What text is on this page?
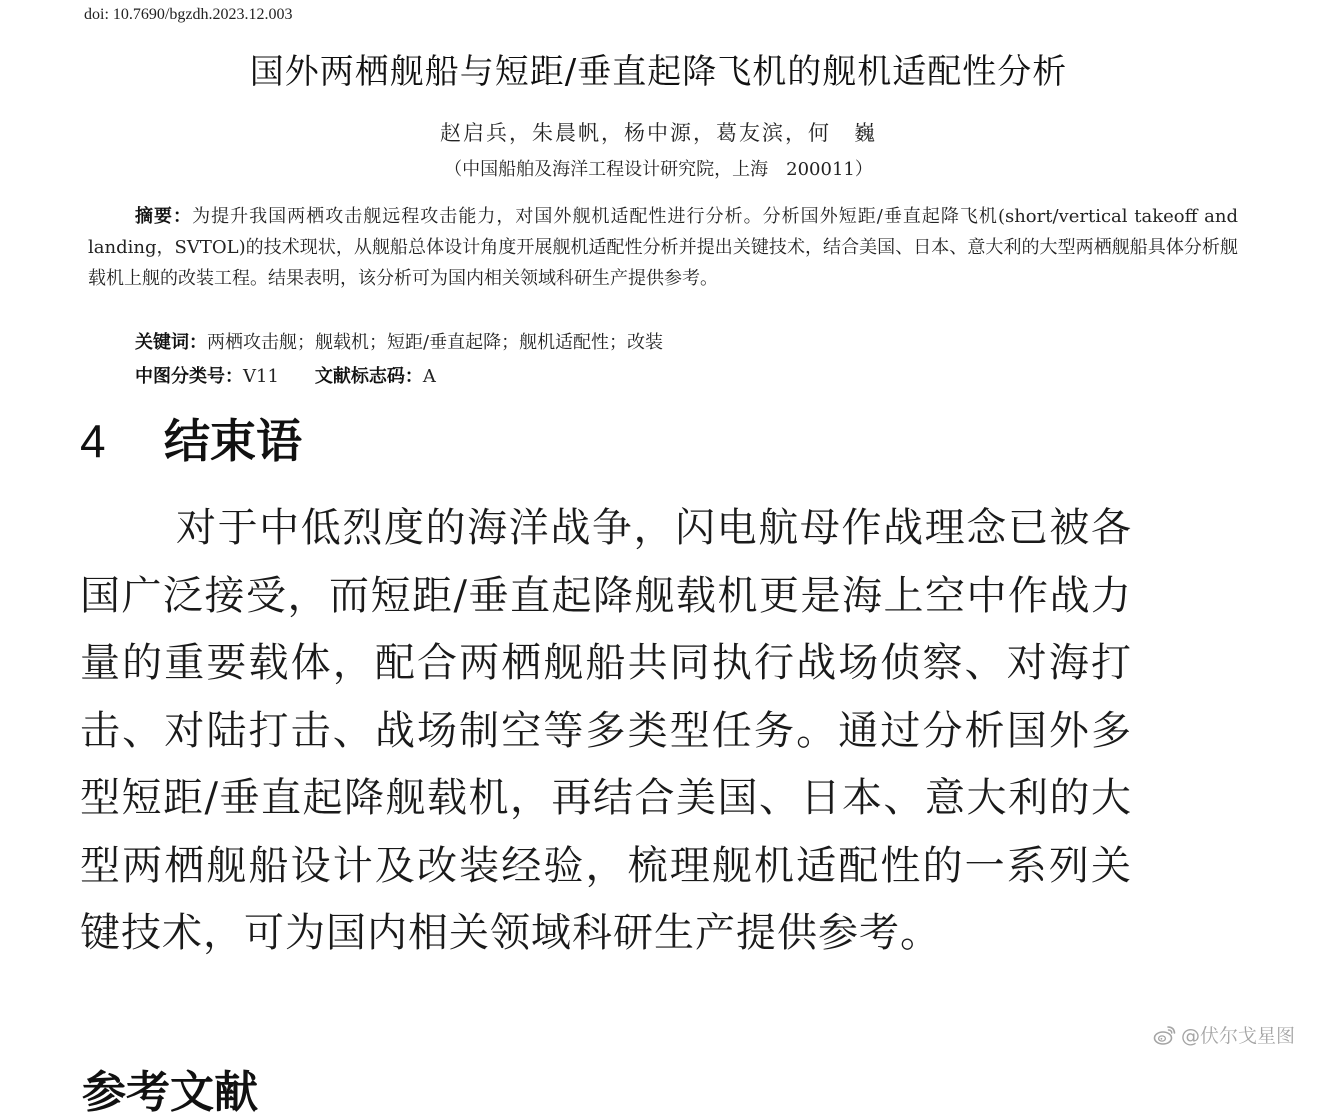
doi: 10.7690/bgzdh.2023.12.003
国外两栖舰船与短距/垂直起降飞机的舰机适配性分析
赵启兵，朱晨帆，杨中源，葛友滨，何　巍
（中国船舶及海洋工程设计研究院，上海　200011）
摘要：为提升我国两栖攻击舰远程攻击能力，对国外舰机适配性进行分析。分析国外短距/垂直起降飞机(short/vertical takeoff and landing，SVTOL)的技术现状，从舰船总体设计角度开展舰机适配性分析并提出关键技术，结合美国、日本、意大利的大型两栖舰船具体分析舰载机上舰的改装工程。结果表明，该分析可为国内相关领域科研生产提供参考。
关键词：两栖攻击舰；舰载机；短距/垂直起降；舰机适配性；改装
中图分类号：V11 文献标志码：A
4 结束语
对于中低烈度的海洋战争，闪电航母作战理念已被各国广泛接受，而短距/垂直起降舰载机更是海上空中作战力量的重要载体，配合两栖舰船共同执行战场侦察、对海打击、对陆打击、战场制空等多类型任务。通过分析国外多型短距/垂直起降舰载机，再结合美国、日本、意大利的大型两栖舰船设计及改装经验，梳理舰机适配性的一系列关键技术，可为国内相关领域科研生产提供参考。
参考文献
@伏尔戈星图
